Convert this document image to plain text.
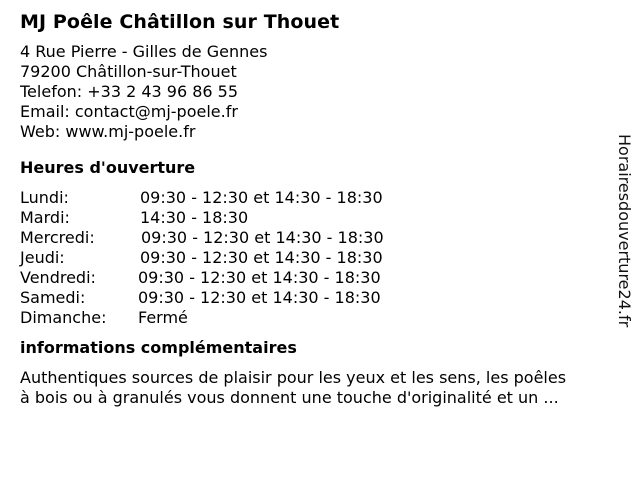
MJ Poêle Châtillon sur Thouet
4 Rue Pierre - Gilles de Gennes
79200 Châtillon-sur-Thouet
Telefon: +33 2 43 96 86 55
Email: contact@mj-poele.fr
Web: www.mj-poele.fr
Heures d'ouverture
Lundi:	09:30 - 12:30 et 14:30 - 18:30
Mardi:	14:30 - 18:30
Mercredi:	09:30 - 12:30 et 14:30 - 18:30
Jeudi:	09:30 - 12:30 et 14:30 - 18:30
Vendredi:	09:30 - 12:30 et 14:30 - 18:30
Samedi:	09:30 - 12:30 et 14:30 - 18:30
Dimanche: Fermé
informations complémentaires
Authentiques sources de plaisir pour les yeux et les sens, les poêles
à bois ou à granulés vous donnent une touche d'originalité et un ...
Horairesdouverture24.fr
